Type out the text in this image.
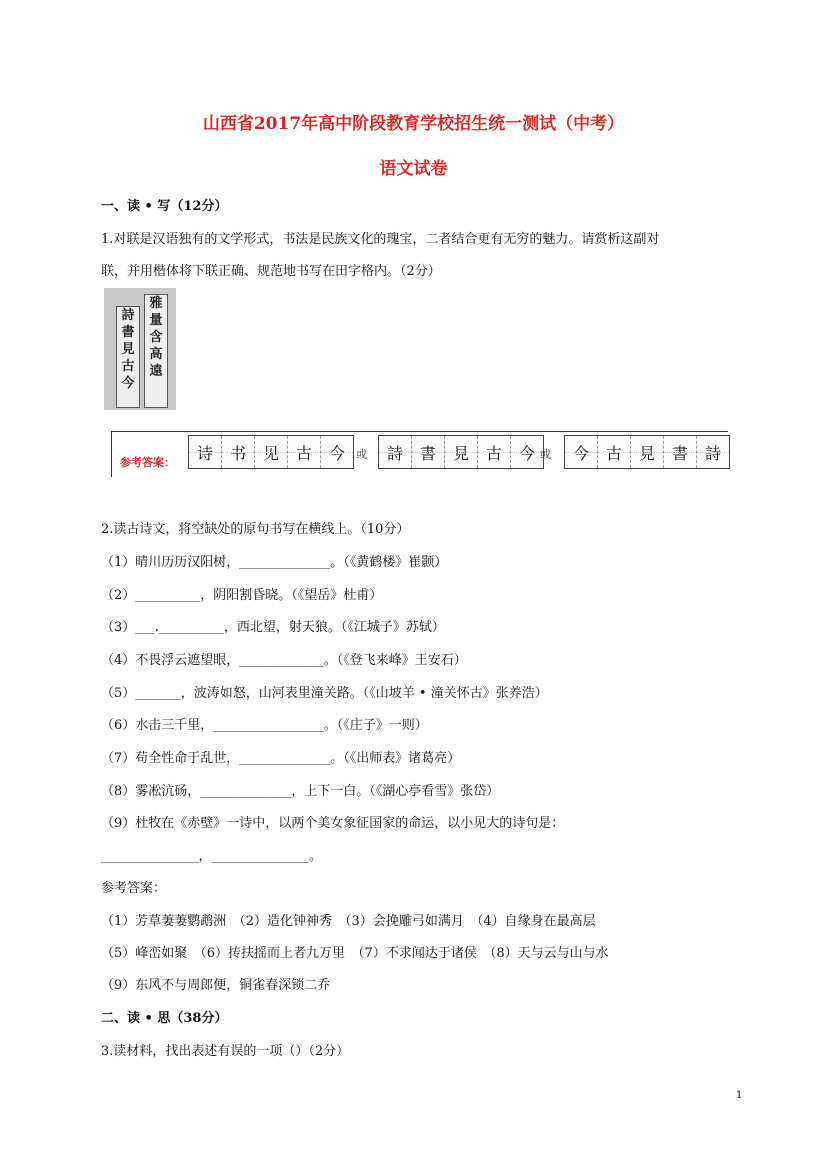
山西省2017年高中阶段教育学校招生统一测试（中考）
语文试卷
一、读 • 写（12分）
1.对联是汉语独有的文学形式，书法是民族文化的瑰宝，二者结合更有无穷的魅力。请赏析这副对
联，并用楷体将下联正确、规范地书写在田字格内。（2分）
雅
量
含
高
遠
詩
書
見
古
今
参考答案：	诗	书	见	古	今	或	詩	書	見	古	今 或	今	古	見	書	詩
2.读古诗文，将空缺处的原句书写在横线上。（10分）
（1）晴川历历汉阳树，______________。（《黄鹤楼》崔颢）
（2）__________，阴阳割昏晓。（《望岳》杜甫）
（3）___.__________，西北望，射天狼。（《江城子》苏轼）
（4）不畏浮云遮望眼，_____________。（《登飞来峰》王安石）
（5）_______，波涛如怒，山河表里潼关路。（《山坡羊 • 潼关怀古》张养浩）
（6）水击三千里，_________________。（《庄子》一则）
（7）苟全性命于乱世，______________。（《出师表》诸葛亮）
（8）雾凇沆砀，______________，上下一白。（《湖心亭看雪》张岱）
（9）杜牧在《赤壁》一诗中，以两个美女象征国家的命运，以小见大的诗句是：
_______________，_______________。
参考答案：
（1）芳草萋萋鹦鹉洲　（2）造化钟神秀　（3）会挽雕弓如满月　（4）自缘身在最高层
（5）峰峦如聚　（6）抟扶摇而上者九万里　（7）不求闻达于诸侯　（8）天与云与山与水
（9）东风不与周郎便，铜雀春深锁二乔
二、读 • 思（38分）
3.读材料，找出表述有误的一项（）（2分）
1
